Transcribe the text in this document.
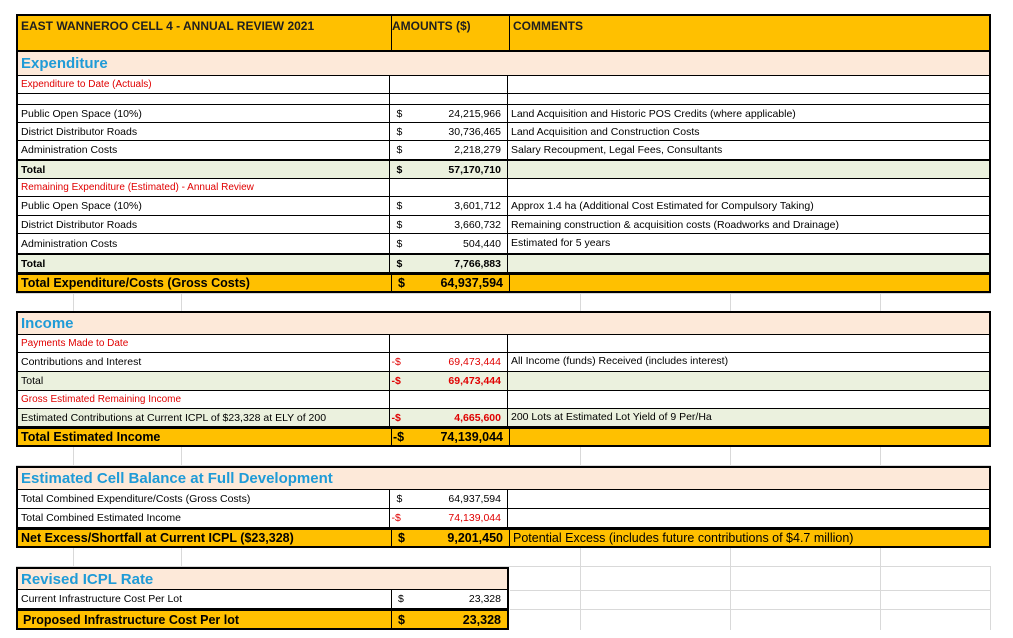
EAST WANNEROO CELL 4 - ANNUAL REVIEW 2021	AMOUNTS ($)	COMMENTS
Expenditure
Expenditure to Date (Actuals)
Public Open Space (10%)	$	24,215,966 Land Acquisition and Historic POS Credits (where applicable)
District Distributor Roads	$	30,736,465 Land Acquisition and Construction Costs
Administration Costs	$	2,218,279 Salary Recoupment, Legal Fees, Consultants
Total	$	57,170,710
Remaining Expenditure (Estimated) - Annual Review
Public Open Space (10%)	$	3,601,712 Approx 1.4 ha (Additional Cost Estimated for Compulsory Taking)
District Distributor Roads	$	3,660,732 Remaining construction & acquisition costs (Roadworks and Drainage)
Administration Costs	$	504,440 Estimated for 5 years
Total	$	7,766,883
Total Expenditure/Costs (Gross Costs)	$	64,937,594
Income
Payments Made to Date
Contributions and Interest	-$	69,473,444 All Income (funds) Received (includes interest)
Total	-$	69,473,444
Gross Estimated Remaining Income
Estimated Contributions at Current ICPL of $23,328 at ELY of 200	-$	4,665,600 200 Lots at Estimated Lot Yield of 9 Per/Ha
Total Estimated Income	-$	74,139,044
Estimated Cell Balance at Full Development
Total Combined Expenditure/Costs (Gross Costs)	$	64,937,594
Total Combined Estimated Income	-$	74,139,044
Net Excess/Shortfall at Current ICPL ($23,328)	$	9,201,450 Potential Excess (includes future contributions of $4.7 million)
Revised ICPL Rate
Current Infrastructure Cost Per Lot	$	23,328
Proposed Infrastructure Cost Per lot	$	23,328
